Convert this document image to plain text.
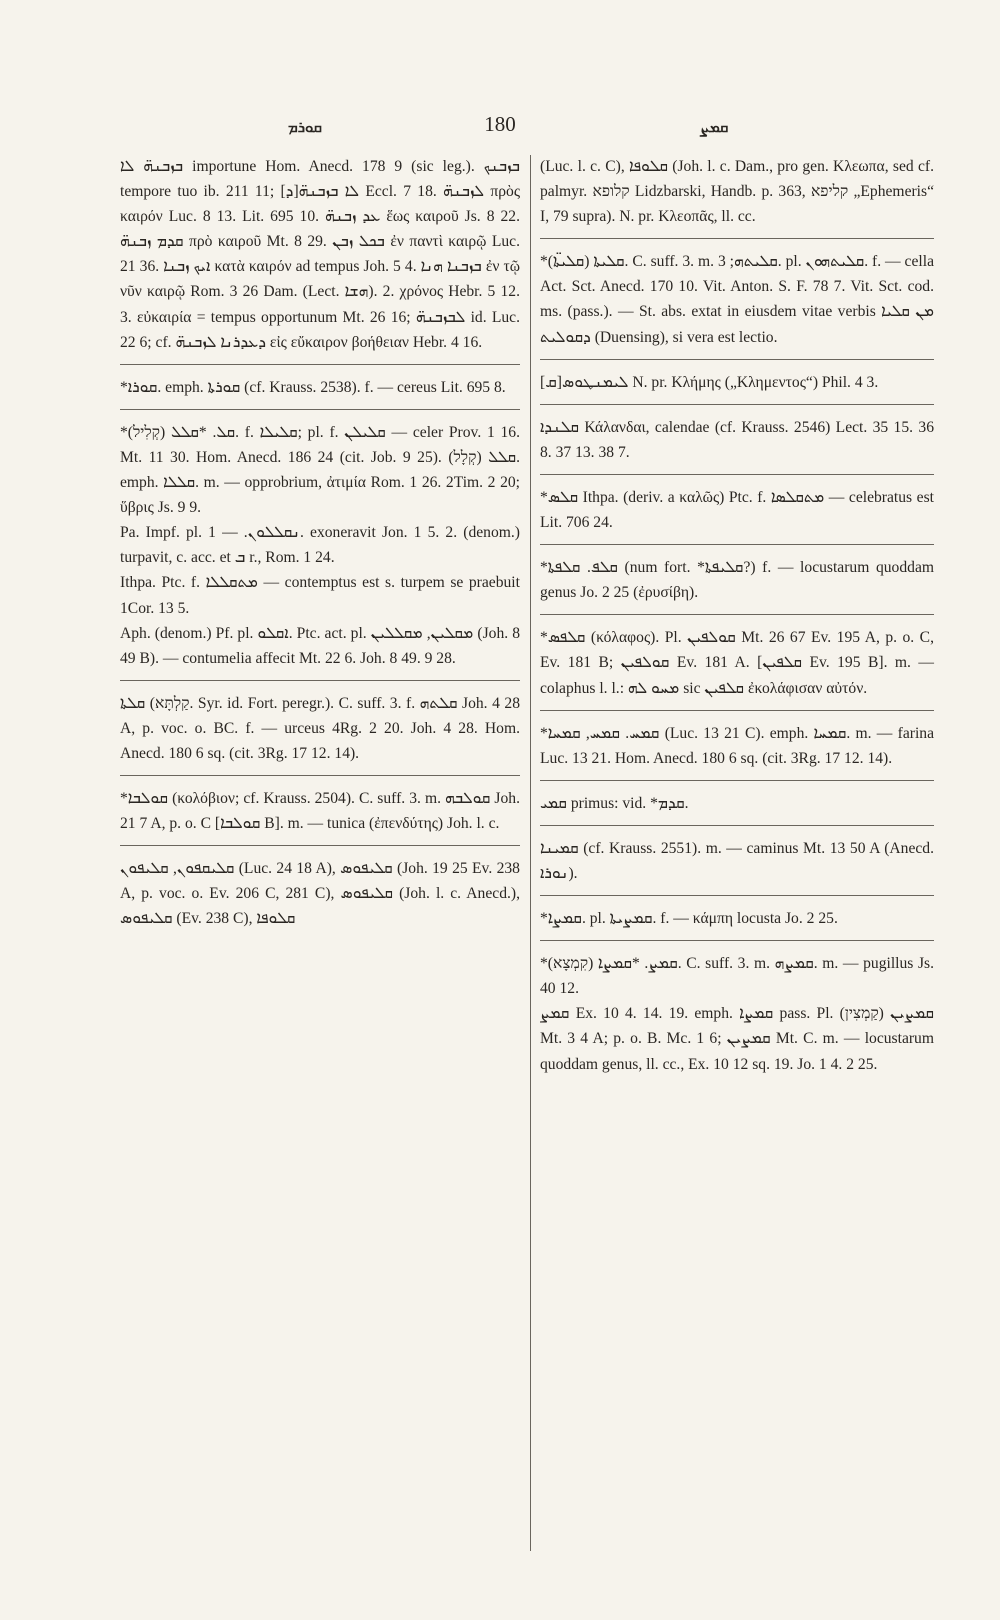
ܩܘܪܡ	180	ܩܡܨ

ܒܙܒܢܗ̈ ܠܐ importune Hom. Anecd. 178 9 (sic leg.). ܒܙܒܢܟ tempore tuo ib. 211 11; [ܕ]ܠܐ ܒܙܒܢܗ̈ Eccl. 7 18. ܠܙܒܢܗ̈ πρὸς καιρόν Luc. 8 13. Lit. 695 10. ܥܕ ܙܒܢܗ̈ ἕως καιροῦ Js. 8 22. ܩܕܡ ܙܒܢܗ̈ πρὸ καιροῦ Mt. 8 29. ܒܟܠ ܙܒܢ ἐν παντὶ καιρῷ Luc. 21 36. ܐܝܟ ܙܒܢܐ κατὰ καιρόν ad tempus Joh. 5 4. ܒܙܒܢܐ ܗܢܐ ἐν τῷ νῦν καιρῷ Rom. 3 26 Dam. (Lect. ܗܫܐ). 2. χρόνος Hebr. 5 12. 3. εὐκαιρία = tempus opportunum Mt. 26 16; ܠܒܙܒܢܗ̈ id. Luc. 22 6; cf. ܕܥܕܪܢܐ ܠܙܒܢܗ̈ εἰς εὔκαιρον βοήθειαν Hebr. 4 16.

*ܩܘܪܐ. emph. ܩܘܪܬܐ (cf. Krauss. 2538). f. — cereus Lit. 695 8.

*ܩܠ. *ܩܠܠ (קְלִיל). f. ܩܠܝܠܐ; pl. f. ܩܠܝܠܢ — celer Prov. 1 16. Mt. 11 30. Hom. Anecd. 186 24 (cit. Job. 9 25). ܩܠܠ (קְלָל). emph. ܩܠܠܐ. m. — opprobrium, ἀτιμία Rom. 1 26. 2Tim. 2 20; ὕβρις Js. 9 9.

Pa. Impf. pl. ܢܩܠܠܘܢ. — 1. exoneravit Jon. 1 5. 2. (denom.) turpavit, c. acc. et ܒ r., Rom. 1 24.

Ithpa. Ptc. f. ܡܬܩܠܠܐ — contemptus est s. turpem se praebuit 1Cor. 13 5.

Aph. (denom.) Pf. pl. ܐܩܠܘ. Ptc. act. pl. ܡܩܠܝܢ, ܡܩܠܠܝܢ (Joh. 8 49 B). — contumelia affecit Mt. 22 6. Joh. 8 49. 9 28.

ܩܠܬܐ (קַלְתָּא. Syr. id. Fort. peregr.). C. suff. 3. f. ܩܠܬܗ Joh. 4 28 A, p. voc. o. BC. f. — urceus 4Rg. 2 20. Joh. 4 28. Hom. Anecd. 180 6 sq. (cit. 3Rg. 17 12. 14).

*ܩܘܠܒܐ (κολόβιον; cf. Krauss. 2504). C. suff. 3. m. ܩܘܠܒܗ Joh. 21 7 A, p. o. C [ܩܘܠܒܐ B]. m. — tunica (ἐπενδύτης) Joh. l. c.

ܩܠܝܩܦܘܢ, ܩܠܝܦܘܢ (Luc. 24 18 A), ܩܠܝܦܘܣ (Joh. 19 25 Ev. 238 A, p. voc. o. Ev. 206 C, 281 C), ܩܠܝܦܘܣ (Joh. l. c. Anecd.), ܩܠܝܦܘܣ (Ev. 238 C), ܩܠܘܦܐ

(Luc. l. c. C), ܩܠܘܦܐ (Joh. l. c. Dam., pro gen. Κλεωπα, sed cf. palmyr. קלופא Lidzbarski, Handb. p. 363, קליפא „Ephemeris“ I, 79 supra). N. pr. Κλεοπᾶς, ll. cc.

*ܩܠܝܬܐ (ܩܠܝܬ̈ܐ). C. suff. 3. m. ܩܠܝܬܗ; 3. pl. ܩܠܝܬܗܘܢ. f. — cella Act. Sct. Anecd. 170 10. Vit. Anton. S. F. 78 7. Vit. Sct. cod. ms. (pass.). — St. abs. extat in eiusdem vitae verbis ܡܢ ܩܠܝܐ ܕܩܘܠܝܬ (Duensing), si vera est lectio.

[ܩ]ܠܝܡܢܛܘܣ N. pr. Κλήμης („Κλημεντος“) Phil. 4 3.

ܩܠܢܕܐ Κάλανδαι, calendae (cf. Krauss. 2546) Lect. 35 15. 36 8. 37 13. 38 7.

*ܩܠܣ Ithpa. (deriv. a καλῶς) Ptc. f. ܡܬܩܠܣܐ — celebratus est Lit. 706 24.

*ܩܠܦ. ܩܠܦܬܐ (num fort. *ܩܠܝܦܬܐ?) f. — locustarum quoddam genus Jo. 2 25 (ἐρυσίβη).

*ܩܠܦܣ (κόλαφος). Pl. ܩܘܠܦܝܢ Mt. 26 67 Ev. 195 A, p. o. C, Ev. 181 B; ܩܘܠܦܝܢ Ev. 181 A. [ܩܠܦܝܢ Ev. 195 B]. m. — colaphus l. l.: ܡܚܘ ܠܗ sic ܩܠܦܝܢ ἐκολάφισαν αὐτόν.

*ܩܡܚ. ܩܡܚ, ܩܡܚܐ (Luc. 13 21 C). emph. ܩܡܚܐ. m. — farina Luc. 13 21. Hom. Anecd. 180 6 sq. (cit. 3Rg. 17 12. 14).

ܩܡܝ primus: vid. *ܩܕܡ.

ܩܡܝܢܐ (cf. Krauss. 2551). m. — caminus Mt. 13 50 A (Anecd. ܢܘܪܐ).

*ܩܡܨܐ. pl. ܩܡܨܝܬܐ. f. — κάμπη locusta Jo. 2 25.

*ܩܡܨ. *ܩܡܨܐ (קִמְצָא). C. suff. 3. m. ܩܡܨܗ. m. — pugillus Js. 40 12.

ܩܡܨ Ex. 10 4. 14. 19. emph. ܩܡܨܐ pass. Pl. ܩܡܨܝܢ (קַמְצִין) Mt. 3 4 A; p. o. B. Mc. 1 6; ܩܡܨܝܢ Mt. C. m. — locustarum quoddam genus, ll. cc., Ex. 10 12 sq. 19. Jo. 1 4. 2 25.
